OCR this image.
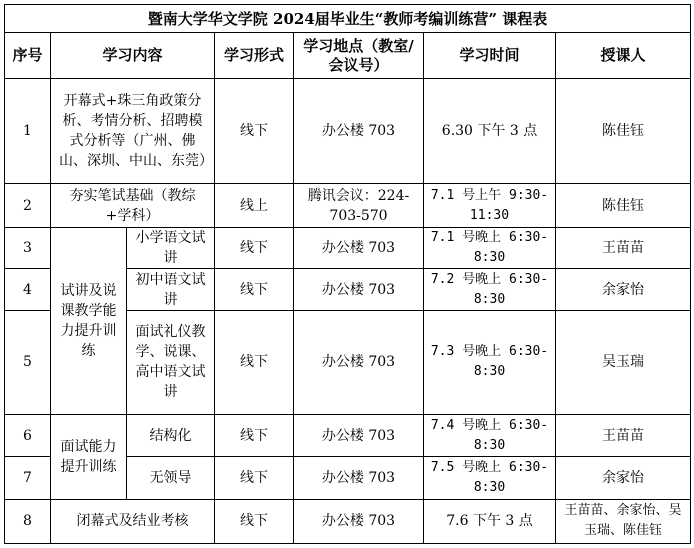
暨南大学华文学院 2024届毕业生“教师考编训练营” 课程表						
序号	学习内容		学习形式	学习地点（教室/会议号）	学习时间	授课人
1	开幕式+珠三角政策分析、考情分析、招聘模式分析等（广州、佛山、深圳、中山、东莞）		线下	办公楼 703	6.30 下午 3 点	陈佳钰
2	夯实笔试基础（教综+学科）		线上	腾讯会议：224-703-570	7.1 号上午 9:30-11:30	陈佳钰
3	试讲及说课教学能力提升训练	小学语文试讲	线下	办公楼 703	7.1 号晚上 6:30-8:30	王苗苗
4		初中语文试讲	线下	办公楼 703	7.2 号晚上 6:30-8:30	余家怡
5		面试礼仪教学、说课、高中语文试讲	线下	办公楼 703	7.3 号晚上 6:30-8:30	吴玉瑞
6	面试能力提升训练	结构化	线下	办公楼 703	7.4 号晚上 6:30-8:30	王苗苗
7		无领导	线下	办公楼 703	7.5 号晚上 6:30-8:30	余家怡
8	闭幕式及结业考核		线下	办公楼 703	7.6 下午 3 点	王苗苗、余家怡、吴玉瑞、陈佳钰
